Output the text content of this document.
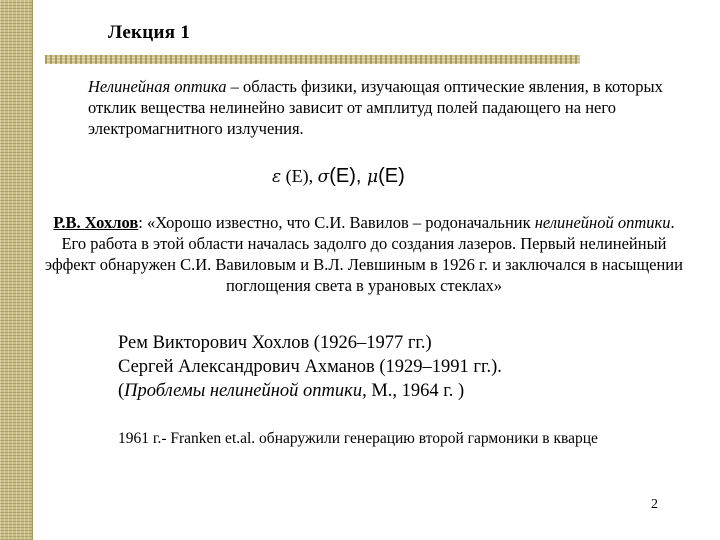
Лекция 1
Нелинейная оптика – область физики, изучающая оптические явления, в которых отклик вещества нелинейно зависит от амплитуд полей падающего на него электромагнитного излучения.
ε (E), σ(E), μ(E)
Р.В. Хохлов: «Хорошо известно, что С.И. Вавилов – родоначальник нелинейной оптики. Его работа в этой области началась задолго до создания лазеров. Первый нелинейный эффект обнаружен С.И. Вавиловым и В.Л. Левшиным в 1926 г. и заключался в насыщении поглощения света в урановых стеклах»
Рем Викторович Хохлов (1926–1977 гг.)
Сергей Александрович Ахманов (1929–1991 гг.).
(Проблемы нелинейной оптики, М., 1964 г. )
1961 г.- Franken et.al. обнаружили генерацию второй гармоники в кварце
2
